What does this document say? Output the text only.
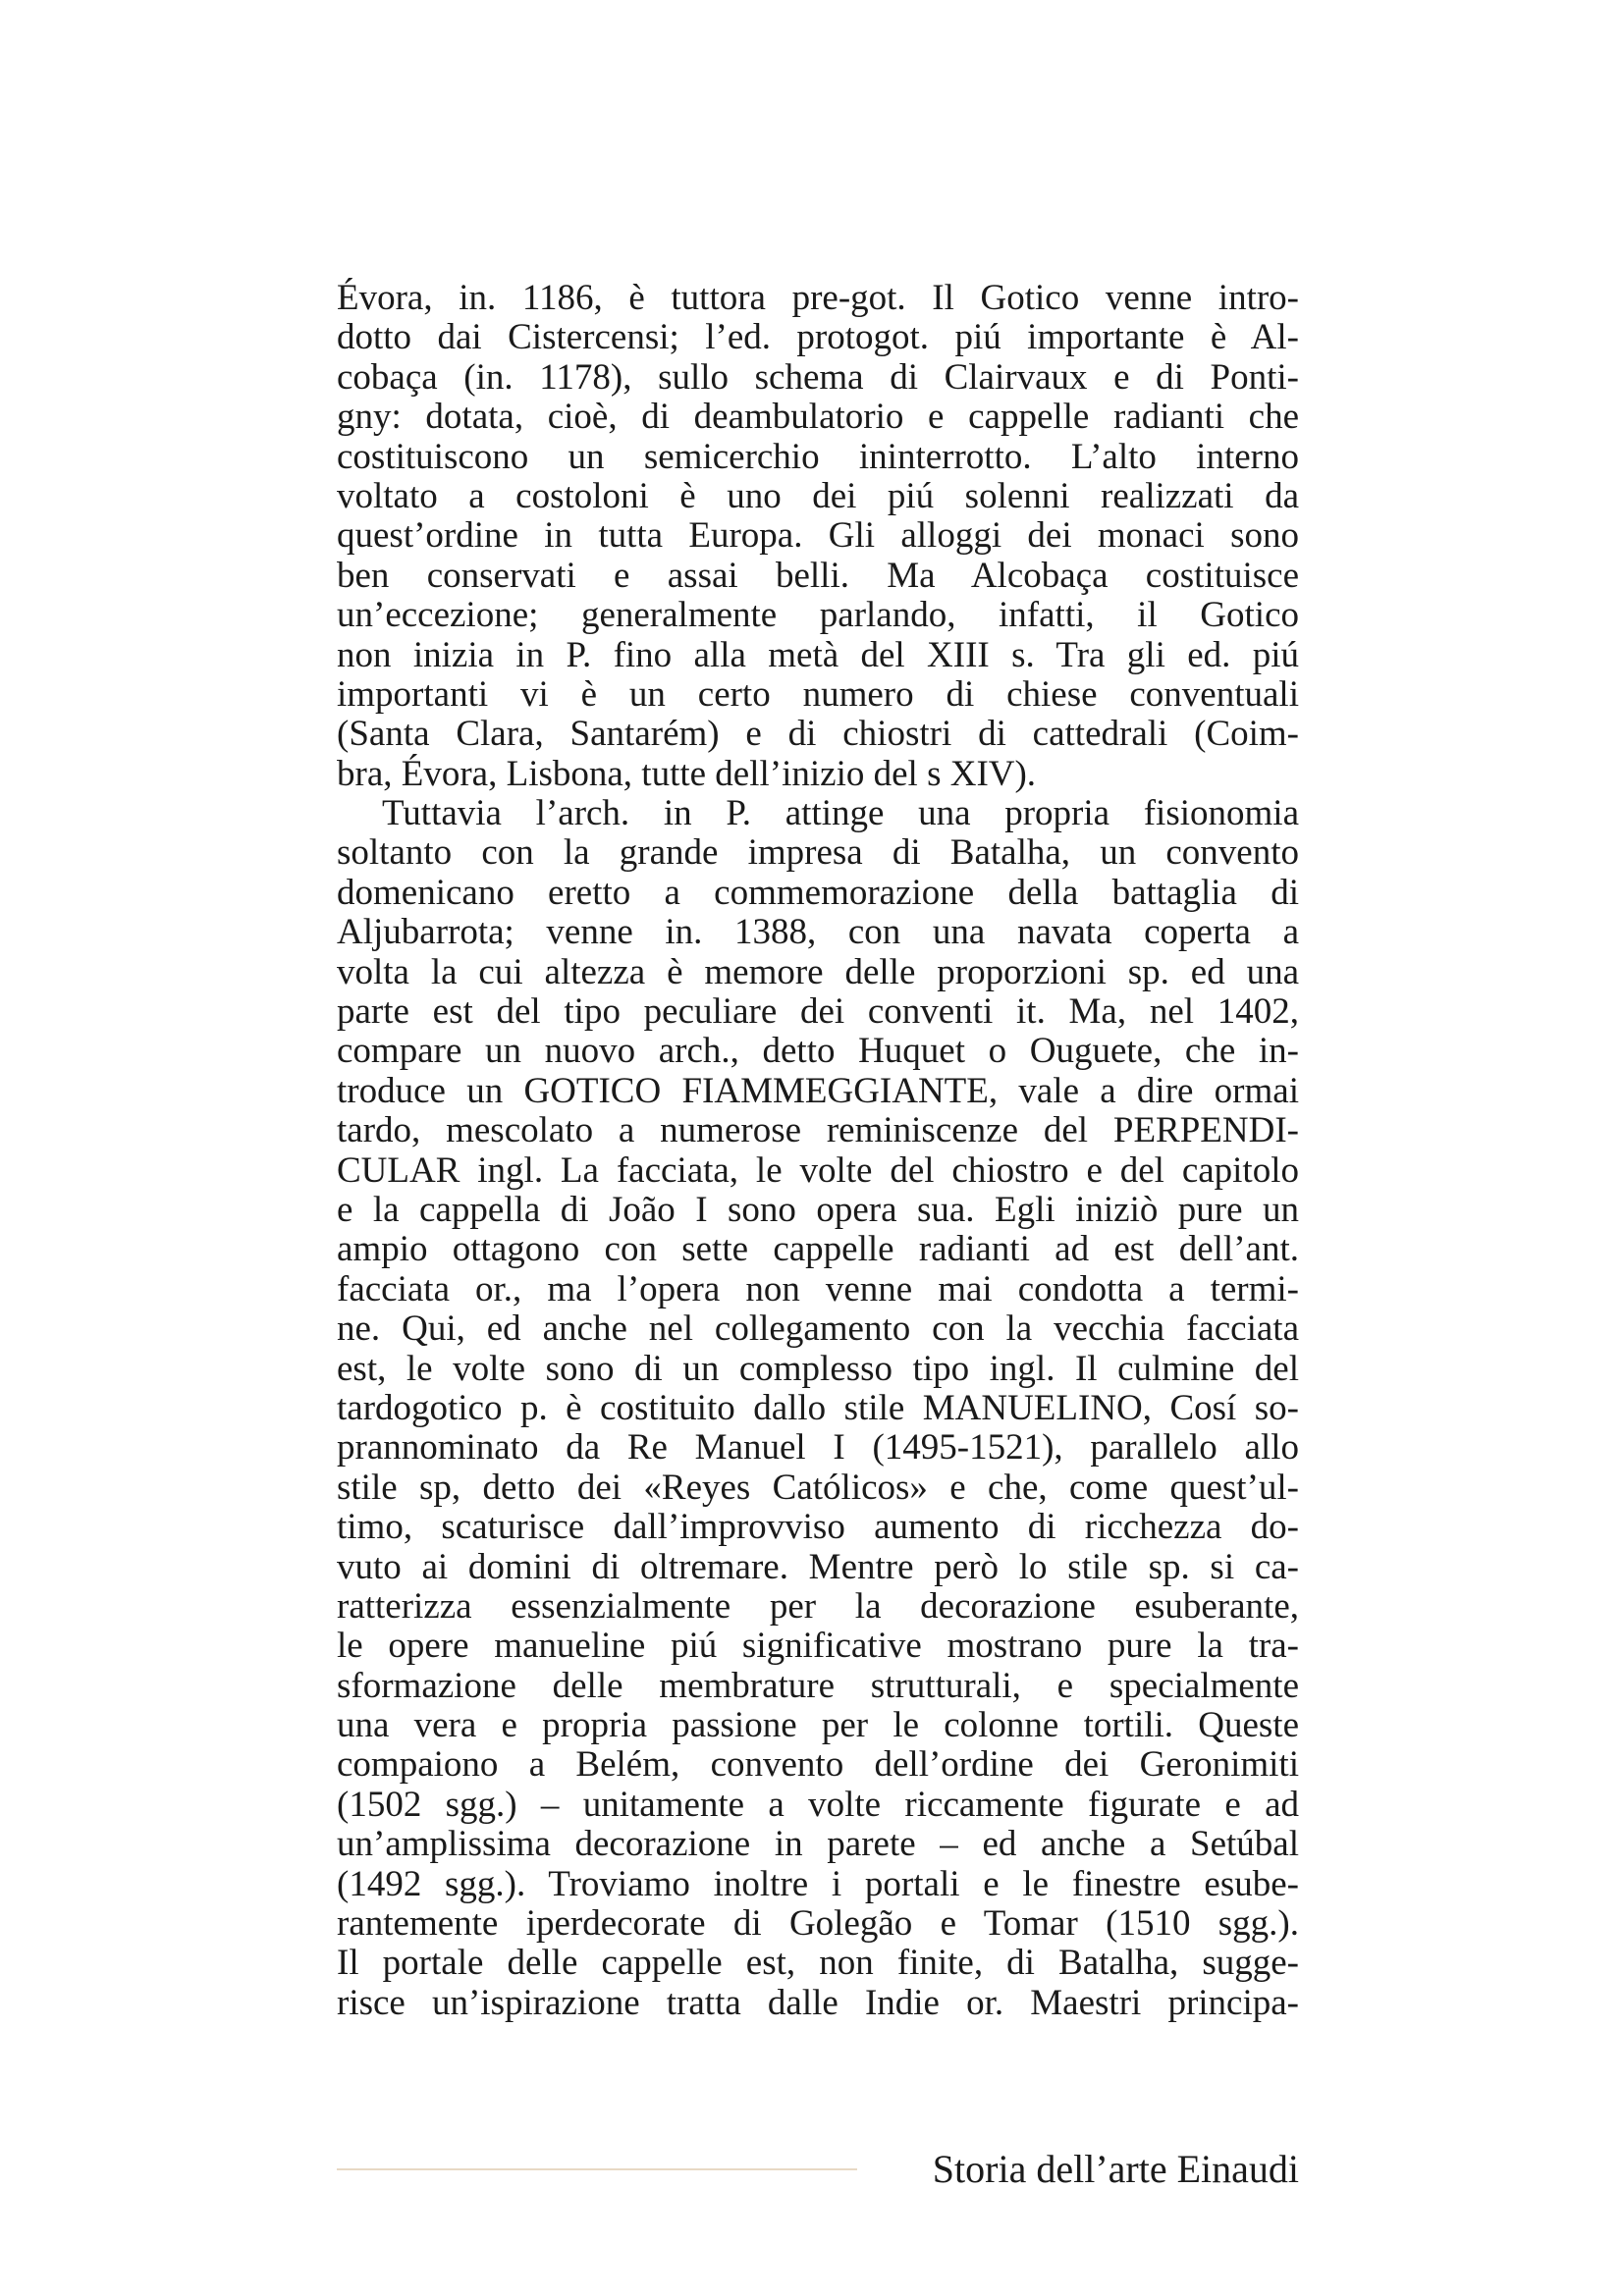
Évora, in. 1186, è tuttora pre-got. Il Gotico venne intro-
dotto dai Cistercensi; l’ed. protogot. piú importante è Al-
cobaça (in. 1178), sullo schema di Clairvaux e di Ponti-
gny: dotata, cioè, di deambulatorio e cappelle radianti che
costituiscono un semicerchio ininterrotto. L’alto interno
voltato a costoloni è uno dei piú solenni realizzati da
quest’ordine in tutta Europa. Gli alloggi dei monaci sono
ben conservati e assai belli. Ma Alcobaça costituisce
un’eccezione; generalmente parlando, infatti, il Gotico
non inizia in P. fino alla metà del XIII s. Tra gli ed. piú
importanti vi è un certo numero di chiese conventuali
(Santa Clara, Santarém) e di chiostri di cattedrali (Coim-
bra, Évora, Lisbona, tutte dell’inizio del s XIV).
Tuttavia l’arch. in P. attinge una propria fisionomia
soltanto con la grande impresa di Batalha, un convento
domenicano eretto a commemorazione della battaglia di
Aljubarrota; venne in. 1388, con una navata coperta a
volta la cui altezza è memore delle proporzioni sp. ed una
parte est del tipo peculiare dei conventi it. Ma, nel 1402,
compare un nuovo arch., detto Huquet o Ouguete, che in-
troduce un GOTICO FIAMMEGGIANTE, vale a dire ormai
tardo, mescolato a numerose reminiscenze del PERPENDI-
CULAR ingl. La facciata, le volte del chiostro e del capitolo
e la cappella di João I sono opera sua. Egli iniziò pure un
ampio ottagono con sette cappelle radianti ad est dell’ant.
facciata or., ma l’opera non venne mai condotta a termi-
ne. Qui, ed anche nel collegamento con la vecchia facciata
est, le volte sono di un complesso tipo ingl. Il culmine del
tardogotico p. è costituito dallo stile MANUELINO, Cosí so-
prannominato da Re Manuel I (1495-1521), parallelo allo
stile sp, detto dei «Reyes Católicos» e che, come quest’ul-
timo, scaturisce dall’improvviso aumento di ricchezza do-
vuto ai domini di oltremare. Mentre però lo stile sp. si ca-
ratterizza essenzialmente per la decorazione esuberante,
le opere manueline piú significative mostrano pure la tra-
sformazione delle membrature strutturali, e specialmente
una vera e propria passione per le colonne tortili. Queste
compaiono a Belém, convento dell’ordine dei Geronimiti
(1502 sgg.) – unitamente a volte riccamente figurate e ad
un’amplissima decorazione in parete – ed anche a Setúbal
(1492 sgg.). Troviamo inoltre i portali e le finestre esube-
rantemente iperdecorate di Golegão e Tomar (1510 sgg.).
Il portale delle cappelle est, non finite, di Batalha, sugge-
risce un’ispirazione tratta dalle Indie or. Maestri principa-
Storia dell’arte Einaudi
